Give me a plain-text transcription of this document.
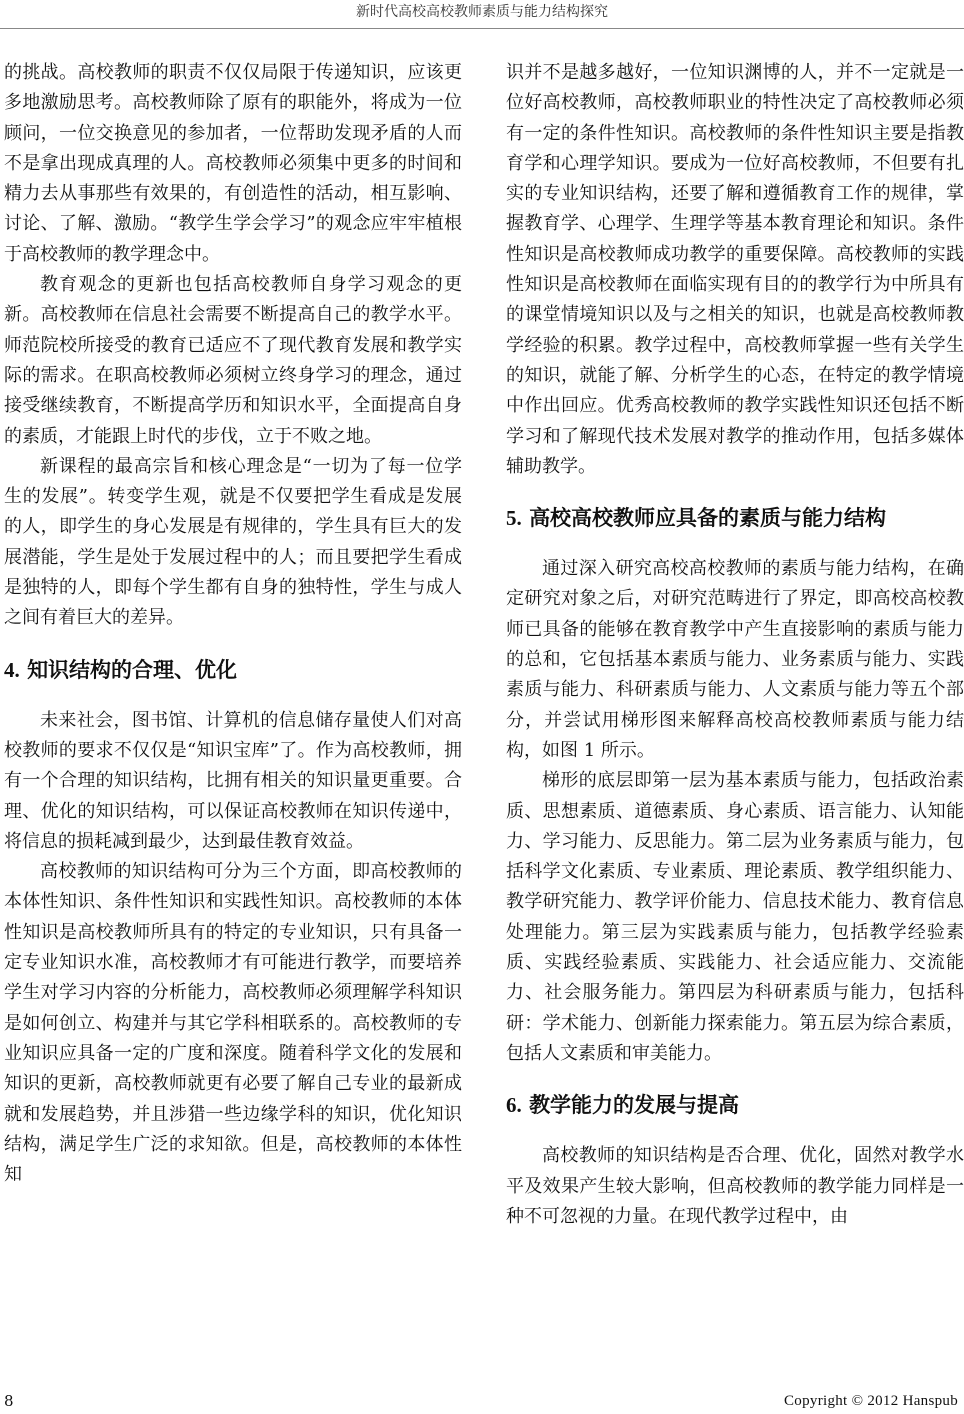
新时代高校高校教师素质与能力结构探究

的挑战。高校教师的职责不仅仅局限于传递知识，应该更多地激励思考。高校教师除了原有的职能外，将成为一位顾问，一位交换意见的参加者，一位帮助发现矛盾的人而不是拿出现成真理的人。高校教师必须集中更多的时间和精力去从事那些有效果的，有创造性的活动，相互影响、讨论、了解、激励。“教学生学会学习”的观念应牢牢植根于高校教师的教学理念中。

教育观念的更新也包括高校教师自身学习观念的更新。高校教师在信息社会需要不断提高自己的教学水平。师范院校所接受的教育已适应不了现代教育发展和教学实际的需求。在职高校教师必须树立终身学习的理念，通过接受继续教育，不断提高学历和知识水平，全面提高自身的素质，才能跟上时代的步伐，立于不败之地。

新课程的最高宗旨和核心理念是“一切为了每一位学生的发展”。转变学生观，就是不仅要把学生看成是发展的人，即学生的身心发展是有规律的，学生具有巨大的发展潜能，学生是处于发展过程中的人；而且要把学生看成是独特的人，即每个学生都有自身的独特性，学生与成人之间有着巨大的差异。

4. 知识结构的合理、优化

未来社会，图书馆、计算机的信息储存量使人们对高校教师的要求不仅仅是“知识宝库”了。作为高校教师，拥有一个合理的知识结构，比拥有相关的知识量更重要。合理、优化的知识结构，可以保证高校教师在知识传递中，将信息的损耗减到最少，达到最佳教育效益。

高校教师的知识结构可分为三个方面，即高校教师的本体性知识、条件性知识和实践性知识。高校教师的本体性知识是高校教师所具有的特定的专业知识，只有具备一定专业知识水准，高校教师才有可能进行教学，而要培养学生对学习内容的分析能力，高校教师必须理解学科知识是如何创立、构建并与其它学科相联系的。高校教师的专业知识应具备一定的广度和深度。随着科学文化的发展和知识的更新，高校教师就更有必要了解自己专业的最新成就和发展趋势，并且涉猎一些边缘学科的知识，优化知识结构，满足学生广泛的求知欲。但是，高校教师的本体性知

识并不是越多越好，一位知识渊博的人，并不一定就是一位好高校教师，高校教师职业的特性决定了高校教师必须有一定的条件性知识。高校教师的条件性知识主要是指教育学和心理学知识。要成为一位好高校教师，不但要有扎实的专业知识结构，还要了解和遵循教育工作的规律，掌握教育学、心理学、生理学等基本教育理论和知识。条件性知识是高校教师成功教学的重要保障。高校教师的实践性知识是高校教师在面临实现有目的的教学行为中所具有的课堂情境知识以及与之相关的知识，也就是高校教师教学经验的积累。教学过程中，高校教师掌握一些有关学生的知识，就能了解、分析学生的心态，在特定的教学情境中作出回应。优秀高校教师的教学实践性知识还包括不断学习和了解现代技术发展对教学的推动作用，包括多媒体辅助教学。

5. 高校高校教师应具备的素质与能力结构

通过深入研究高校高校教师的素质与能力结构，在确定研究对象之后，对研究范畴进行了界定，即高校高校教师已具备的能够在教育教学中产生直接影响的素质与能力的总和，它包括基本素质与能力、业务素质与能力、实践素质与能力、科研素质与能力、人文素质与能力等五个部分，并尝试用梯形图来解释高校高校教师素质与能力结构，如图 1 所示。

梯形的底层即第一层为基本素质与能力，包括政治素质、思想素质、道德素质、身心素质、语言能力、认知能力、学习能力、反思能力。第二层为业务素质与能力，包括科学文化素质、专业素质、理论素质、教学组织能力、教学研究能力、教学评价能力、信息技术能力、教育信息处理能力。第三层为实践素质与能力，包括教学经验素质、实践经验素质、实践能力、社会适应能力、交流能力、社会服务能力。第四层为科研素质与能力，包括科研：学术能力、创新能力探索能力。第五层为综合素质，包括人文素质和审美能力。

6. 教学能力的发展与提高

高校教师的知识结构是否合理、优化，固然对教学水平及效果产生较大影响，但高校教师的教学能力同样是一种不可忽视的力量。在现代教学过程中，由

8	Copyright © 2012 Hanspub
